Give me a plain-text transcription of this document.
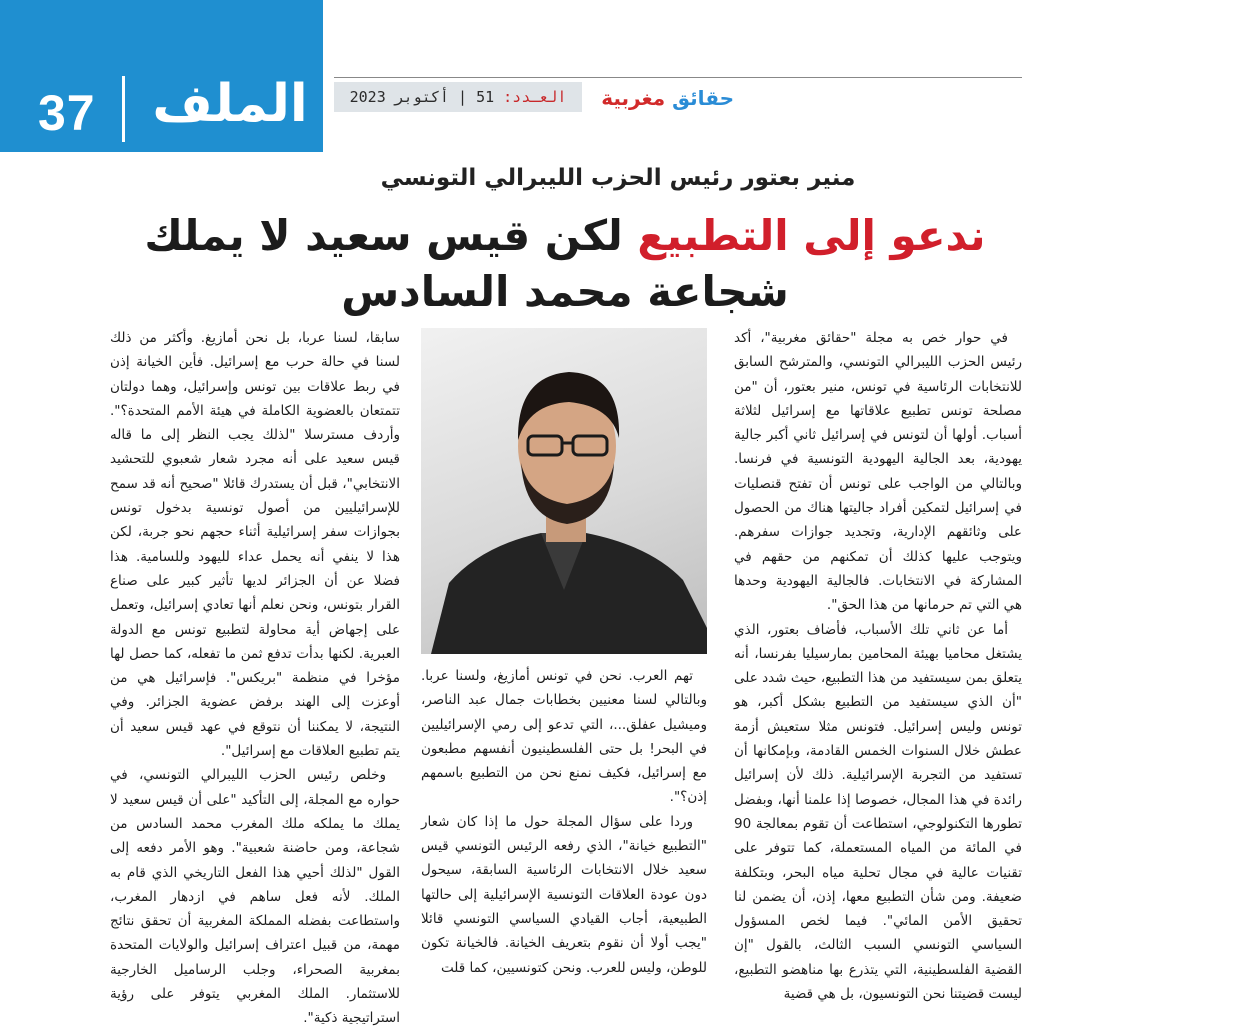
37 الملف	العـدد: 51 | أكتوبر 2023	حقائق مغربية
منير بعتور رئيس الحزب الليبرالي التونسي
ندعو إلى التطبيع لكن قيس سعيد لا يملك شجاعة محمد السادس

في حوار خص به مجلة "حقائق مغربية"، أكد رئيس الحزب الليبرالي التونسي، والمترشح السابق للانتخابات الرئاسية في تونس، منير بعتور، أن "من مصلحة تونس تطبيع علاقاتها مع إسرائيل لثلاثة أسباب. أولها أن لتونس في إسرائيل ثاني أكبر جالية يهودية، بعد الجالية اليهودية التونسية في فرنسا. وبالتالي من الواجب على تونس أن تفتح قنصليات في إسرائيل لتمكين أفراد جاليتها هناك من الحصول على وثائقهم الإدارية، وتجديد جوازات سفرهم. ويتوجب عليها كذلك أن تمكنهم من حقهم في المشاركة في الانتخابات. فالجالية اليهودية وحدها هي التي تم حرمانها من هذا الحق".

أما عن ثاني تلك الأسباب، فأضاف بعتور، الذي يشتغل محاميا بهيئة المحامين بمارسيليا بفرنسا، أنه يتعلق بمن سيستفيد من هذا التطبيع، حيث شدد على "أن الذي سيستفيد من التطبيع بشكل أكبر، هو تونس وليس إسرائيل. فتونس مثلا ستعيش أزمة عطش خلال السنوات الخمس القادمة، وبإمكانها أن تستفيد من التجربة الإسرائيلية. ذلك لأن إسرائيل رائدة في هذا المجال، خصوصا إذا علمنا أنها، وبفضل تطورها التكنولوجي، استطاعت أن تقوم بمعالجة 90 في المائة من المياه المستعملة، كما تتوفر على تقنيات عالية في مجال تحلية مياه البحر، وبتكلفة ضعيفة. ومن شأن التطبيع معها، إذن، أن يضمن لنا تحقيق الأمن المائي". فيما لخص المسؤول السياسي التونسي السبب الثالث، بالقول "إن القضية الفلسطينية، التي يتذرع بها مناهضو التطبيع، ليست قضيتنا نحن التونسيون، بل هي قضية

تهم العرب. نحن في تونس أمازيغ، ولسنا عربا. وبالتالي لسنا معنيين بخطابات جمال عبد الناصر، وميشيل عفلق...، التي تدعو إلى رمي الإسرائيليين في البحر! بل حتى الفلسطينيون أنفسهم مطبعون مع إسرائيل، فكيف نمنع نحن من التطبيع باسمهم إذن؟".

وردا على سؤال المجلة حول ما إذا كان شعار "التطبيع خيانة"، الذي رفعه الرئيس التونسي قيس سعيد خلال الانتخابات الرئاسية السابقة، سيحول دون عودة العلاقات التونسية الإسرائيلية إلى حالتها الطبيعية، أجاب القيادي السياسي التونسي قائلا "يجب أولا أن نقوم بتعريف الخيانة. فالخيانة تكون للوطن، وليس للعرب. ونحن كتونسيين، كما قلت

سابقا، لسنا عربا، بل نحن أمازيغ. وأكثر من ذلك لسنا في حالة حرب مع إسرائيل. فأين الخيانة إذن في ربط علاقات بين تونس وإسرائيل، وهما دولتان تتمتعان بالعضوية الكاملة في هيئة الأمم المتحدة؟". وأردف مسترسلا "لذلك يجب النظر إلى ما قاله قيس سعيد على أنه مجرد شعار شعبوي للتحشيد الانتخابي"، قبل أن يستدرك قائلا "صحيح أنه قد سمح للإسرائيليين من أصول تونسية بدخول تونس بجوازات سفر إسرائيلية أثناء حجهم نحو جربة، لكن هذا لا ينفي أنه يحمل عداء لليهود وللسامية. هذا فضلا عن أن الجزائر لديها تأثير كبير على صناع القرار بتونس، ونحن نعلم أنها تعادي إسرائيل، وتعمل على إجهاض أية محاولة لتطبيع تونس مع الدولة العبرية. لكنها بدأت تدفع ثمن ما تفعله، كما حصل لها مؤخرا في منظمة "بريكس". فإسرائيل هي من أوعزت إلى الهند برفض عضوية الجزائر. وفي النتيجة، لا يمكننا أن نتوقع في عهد قيس سعيد أن يتم تطبيع العلاقات مع إسرائيل".

وخلص رئيس الحزب الليبرالي التونسي، في حواره مع المجلة، إلى التأكيد "على أن قيس سعيد لا يملك ما يملكه ملك المغرب محمد السادس من شجاعة، ومن حاضنة شعبية". وهو الأمر دفعه إلى القول "لذلك أحيي هذا الفعل التاريخي الذي قام به الملك. لأنه فعل ساهم في ازدهار المغرب، واستطاعت بفضله المملكة المغربية أن تحقق نتائج مهمة، من قبيل اعتراف إسرائيل والولايات المتحدة بمغربية الصحراء، وجلب الرساميل الخارجية للاستثمار. الملك المغربي يتوفر على رؤية استراتيجية ذكية".
